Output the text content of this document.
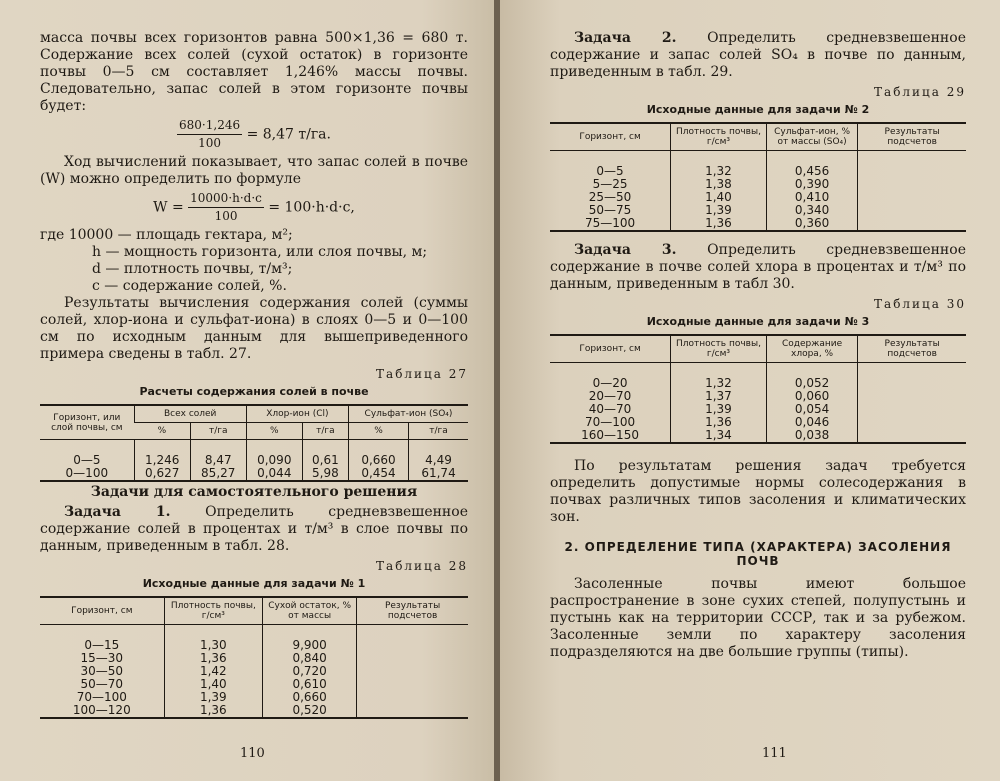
масса почвы всех горизонтов равна 500×1,36 = 680 т. Содержание всех солей (сухой остаток) в горизонте почвы 0—5 см составляет 1,246% массы почвы. Следовательно, запас солей в этом горизонте почвы будет:

$\frac{680\cdot 1,246}{100} = 8,47$ т/га.

Ход вычислений показывает, что запас солей в почве (W) можно определить по формуле

$W = \frac{10000\cdot h\cdot d\cdot c}{100} = 100\cdot h\cdot d\cdot c$,
где 10000 — площадь гектара, м²;
h — мощность горизонта, или слоя почвы, м;
d — плотность почвы, т/м³;
c — содержание солей, %.

Результаты вычисления содержания солей (суммы солей, хлор-иона и сульфат-иона) в слоях 0—5 и 0—100 см по исходным данным для вышеприведенного примера сведены в табл. 27.

Таблица 27
Расчеты содержания солей в почве
Горизонт, или слой почвы, см	Всех солей		Хлор-ион (Cl)		Сульфат-ион (SO₄)	
	%	т/га	%	т/га	%	т/га
0—5	1,246	8,47	0,090	0,61	0,660	4,49
0—100	0,627	85,27	0,044	5,98	0,454	61,74
Задачи для самостоятельного решения

Задача 1. Определить средневзвешенное содержание солей в процентах и т/м³ в слое почвы по данным, приведенным в табл. 28.

Таблица 28
Исходные данные для задачи № 1
Горизонт, см	Плотность почвы, г/см³	Сухой остаток, % от массы	Результаты подсчетов
0—15	1,30	9,900	
15—30	1,36	0,840	
30—50	1,42	0,720	
50—70	1,40	0,610	
70—100	1,39	0,660	
100—120	1,36	0,520	
110

Задача 2. Определить средневзвешенное содержание и запас солей SO₄ в почве по данным, приведенным в табл. 29.

Таблица 29
Исходные данные для задачи № 2
Горизонт, см	Плотность почвы, г/см³	Сульфат-ион, % от массы (SO₄)	Результаты подсчетов
0—5	1,32	0,456	
5—25	1,38	0,390	
25—50	1,40	0,410	
50—75	1,39	0,340	
75—100	1,36	0,360	

Задача 3. Определить средневзвешенное содержание в почве солей хлора в процентах и т/м³ по данным, приведенным в табл 30.

Таблица 30
Исходные данные для задачи № 3
Горизонт, см	Плотность почвы, г/см³	Содержание хлора, %	Результаты подсчетов
0—20	1,32	0,052	
20—70	1,37	0,060	
40—70	1,39	0,054	
70—100	1,36	0,046	
160—150	1,34	0,038	

По результатам решения задач требуется определить допустимые нормы солесодержания в почвах различных типов засоления и климатических зон.

2. ОПРЕДЕЛЕНИЕ ТИПА (ХАРАКТЕРА) ЗАСОЛЕНИЯ ПОЧВ

Засоленные почвы имеют большое распространение в зоне сухих степей, полупустынь и пустынь как на территории СССР, так и за рубежом. Засоленные земли по характеру засоления подразделяются на две большие группы (типы).

111
